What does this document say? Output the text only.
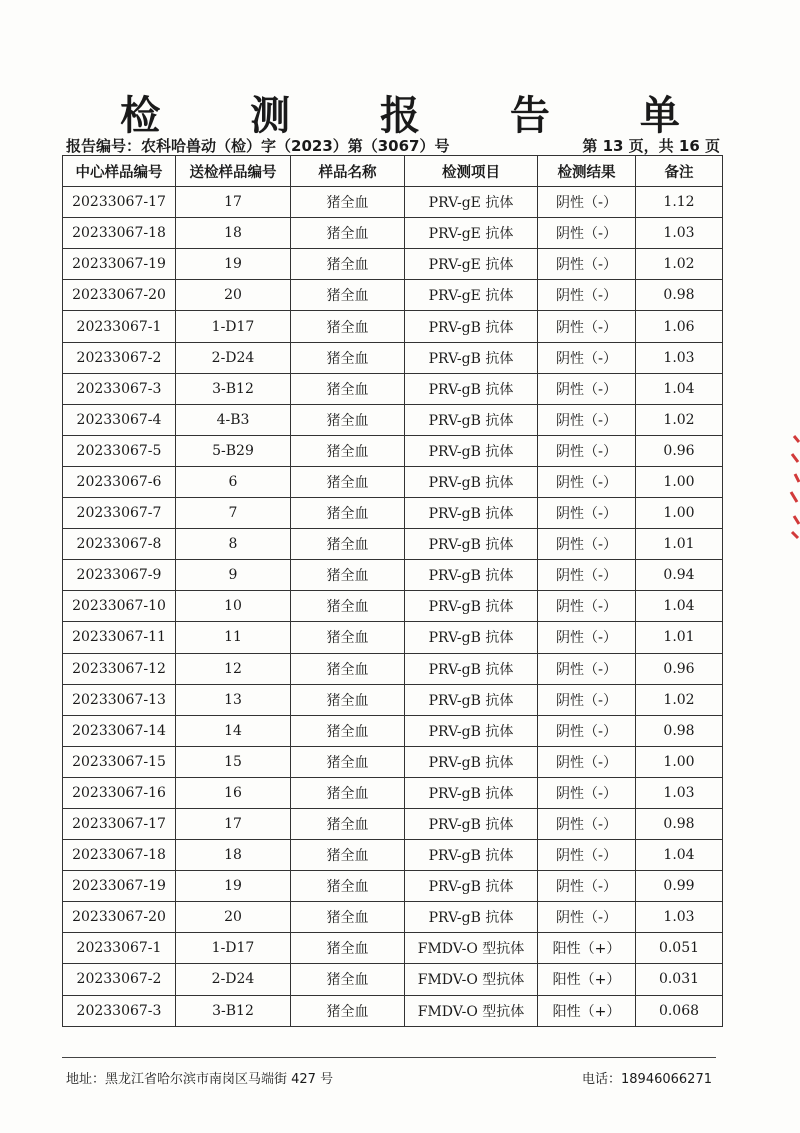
检 测 报 告 单
报告编号：农科哈兽动（检）字（2023）第（3067）号	第 13 页，共 16 页
中心样品编号	送检样品编号	样品名称	检测项目	检测结果	备注
20233067-17	17	猪全血	PRV-gE 抗体	阴性（-）	1.12
20233067-18	18	猪全血	PRV-gE 抗体	阴性（-）	1.03
20233067-19	19	猪全血	PRV-gE 抗体	阴性（-）	1.02
20233067-20	20	猪全血	PRV-gE 抗体	阴性（-）	0.98
20233067-1	1-D17	猪全血	PRV-gB 抗体	阴性（-）	1.06
20233067-2	2-D24	猪全血	PRV-gB 抗体	阴性（-）	1.03
20233067-3	3-B12	猪全血	PRV-gB 抗体	阴性（-）	1.04
20233067-4	4-B3	猪全血	PRV-gB 抗体	阴性（-）	1.02
20233067-5	5-B29	猪全血	PRV-gB 抗体	阴性（-）	0.96
20233067-6	6	猪全血	PRV-gB 抗体	阴性（-）	1.00
20233067-7	7	猪全血	PRV-gB 抗体	阴性（-）	1.00
20233067-8	8	猪全血	PRV-gB 抗体	阴性（-）	1.01
20233067-9	9	猪全血	PRV-gB 抗体	阴性（-）	0.94
20233067-10	10	猪全血	PRV-gB 抗体	阴性（-）	1.04
20233067-11	11	猪全血	PRV-gB 抗体	阴性（-）	1.01
20233067-12	12	猪全血	PRV-gB 抗体	阴性（-）	0.96
20233067-13	13	猪全血	PRV-gB 抗体	阴性（-）	1.02
20233067-14	14	猪全血	PRV-gB 抗体	阴性（-）	0.98
20233067-15	15	猪全血	PRV-gB 抗体	阴性（-）	1.00
20233067-16	16	猪全血	PRV-gB 抗体	阴性（-）	1.03
20233067-17	17	猪全血	PRV-gB 抗体	阴性（-）	0.98
20233067-18	18	猪全血	PRV-gB 抗体	阴性（-）	1.04
20233067-19	19	猪全血	PRV-gB 抗体	阴性（-）	0.99
20233067-20	20	猪全血	PRV-gB 抗体	阴性（-）	1.03
20233067-1	1-D17	猪全血	FMDV-O 型抗体	阳性（+）	0.051
20233067-2	2-D24	猪全血	FMDV-O 型抗体	阳性（+）	0.031
20233067-3	3-B12	猪全血	FMDV-O 型抗体	阳性（+）	0.068
地址：黑龙江省哈尔滨市南岗区马端街 427 号	电话：18946066271
